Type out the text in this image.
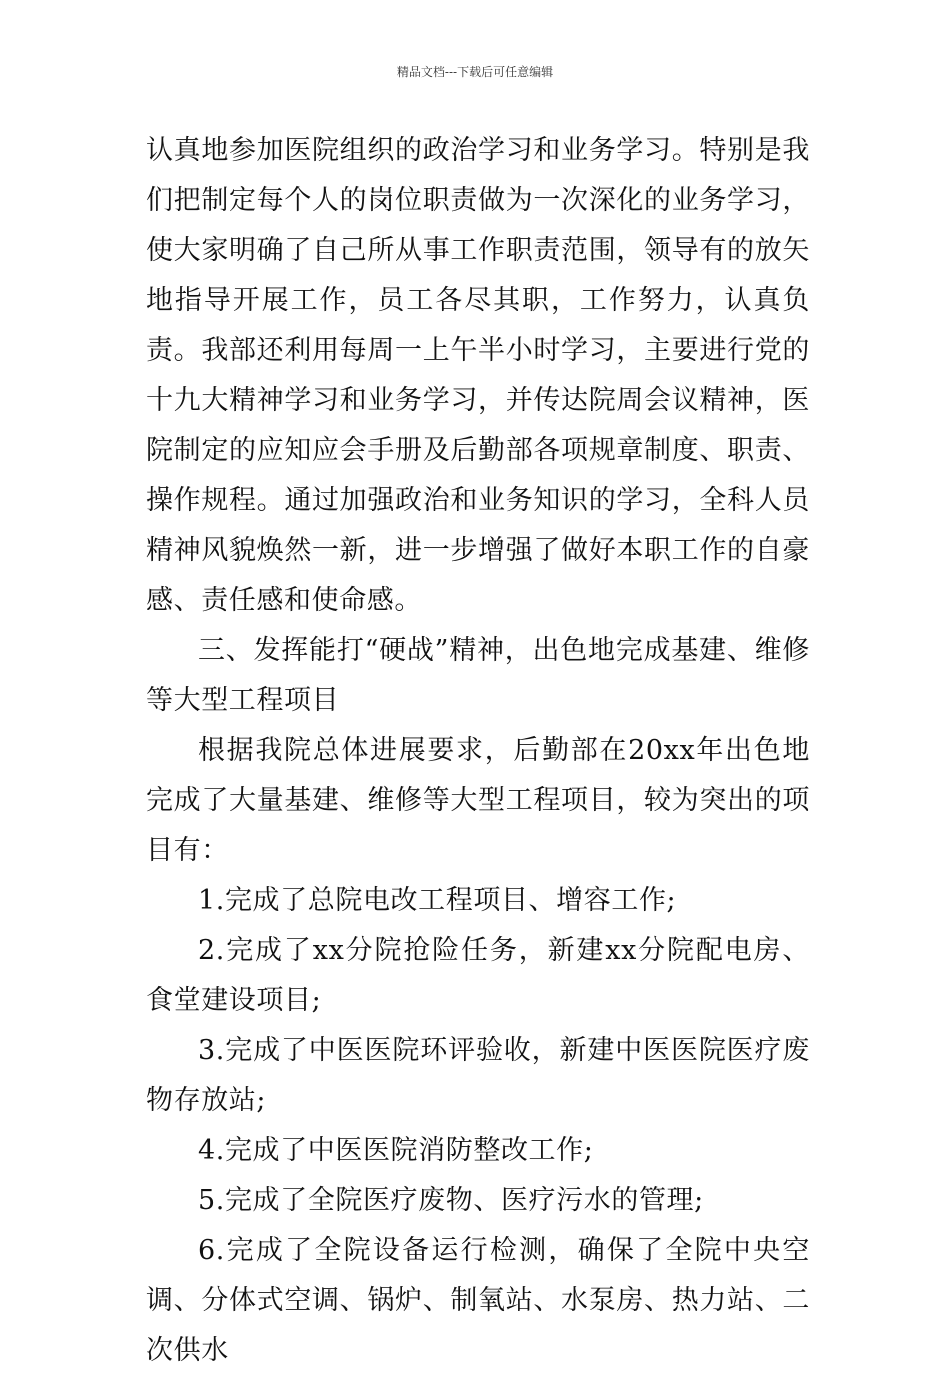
精品文档---下载后可任意编辑

认真地参加医院组织的政治学习和业务学习。特别是我们把制定每个人的岗位职责做为一次深化的业务学习，使大家明确了自己所从事工作职责范围，领导有的放矢地指导开展工作，员工各尽其职，工作努力，认真负责。我部还利用每周一上午半小时学习，主要进行党的十九大精神学习和业务学习，并传达院周会议精神，医院制定的应知应会手册及后勤部各项规章制度、职责、操作规程。通过加强政治和业务知识的学习，全科人员精神风貌焕然一新，进一步增强了做好本职工作的自豪感、责任感和使命感。

三、发挥能打“硬战”精神，出色地完成基建、维修等大型工程项目

根据我院总体进展要求，后勤部在20xx年出色地完成了大量基建、维修等大型工程项目，较为突出的项目有：

1.完成了总院电改工程项目、增容工作;

2.完成了xx分院抢险任务，新建xx分院配电房、食堂建设项目;

3.完成了中医医院环评验收，新建中医医院医疗废物存放站;

4.完成了中医医院消防整改工作;

5.完成了全院医疗废物、医疗污水的管理;

6.完成了全院设备运行检测，确保了全院中央空调、分体式空调、锅炉、制氧站、水泵房、热力站、二次供水
